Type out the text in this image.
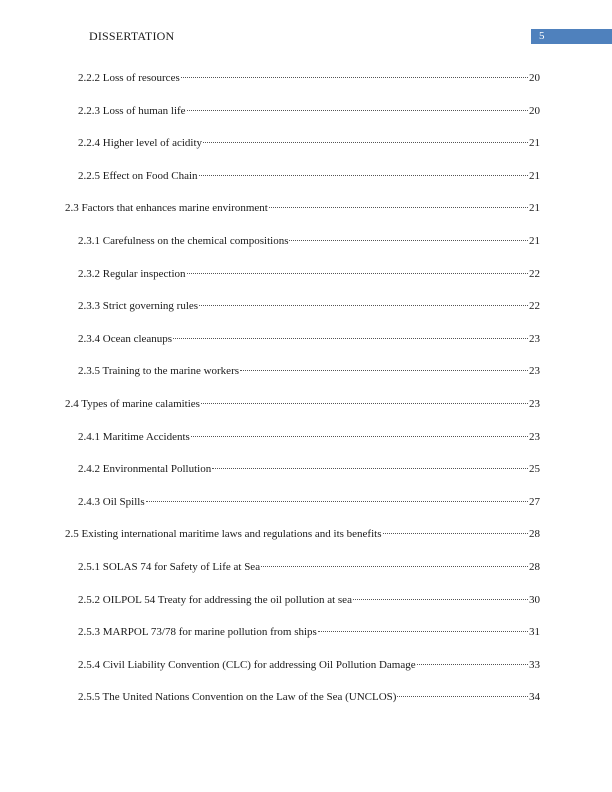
DISSERTATION	5
2.2.2 Loss of resources	20
2.2.3 Loss of human life	20
2.2.4 Higher level of acidity	21
2.2.5 Effect on Food Chain	21
2.3 Factors that enhances marine environment	21
2.3.1 Carefulness on the chemical compositions	21
2.3.2 Regular inspection	22
2.3.3 Strict governing rules	22
2.3.4 Ocean cleanups	23
2.3.5 Training to the marine workers	23
2.4 Types of marine calamities	23
2.4.1 Maritime Accidents	23
2.4.2 Environmental Pollution	25
2.4.3 Oil Spills	27
2.5 Existing international maritime laws and regulations and its benefits	28
2.5.1 SOLAS 74 for Safety of Life at Sea	28
2.5.2 OILPOL 54 Treaty for addressing the oil pollution at sea	30
2.5.3 MARPOL 73/78 for marine pollution from ships	31
2.5.4 Civil Liability Convention (CLC) for addressing Oil Pollution Damage	33
2.5.5 The United Nations Convention on the Law of the Sea (UNCLOS)	34
